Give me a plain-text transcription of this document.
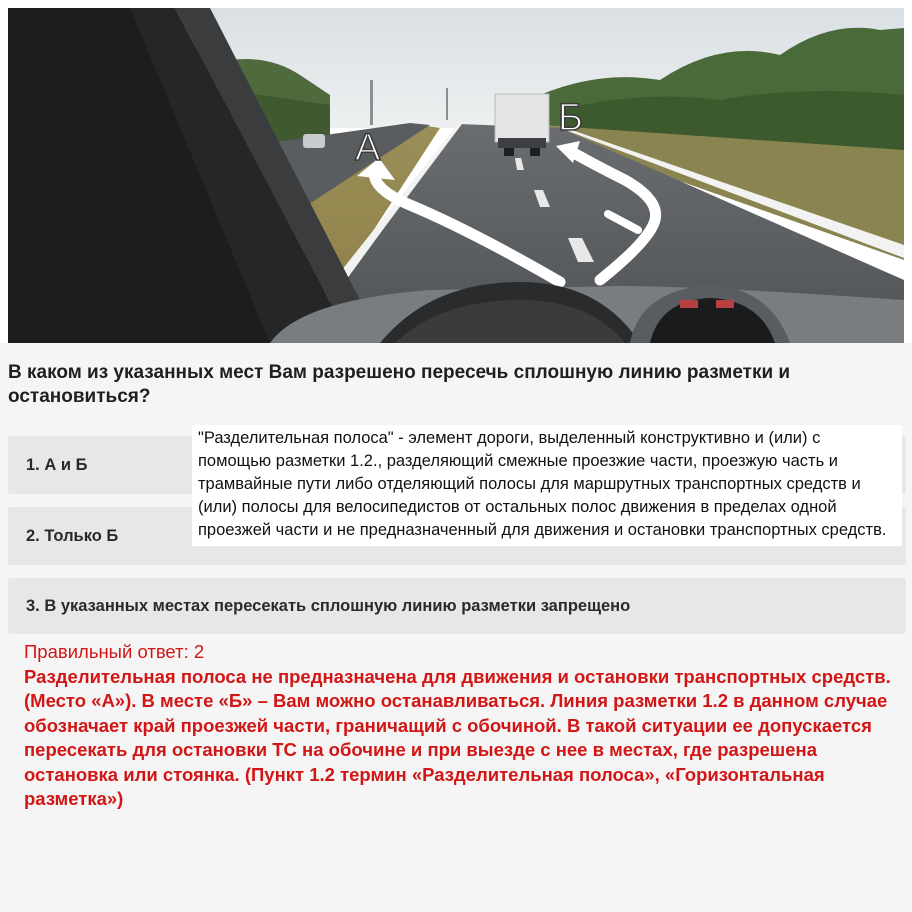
А
Б
В каком из указанных мест Вам разрешено пересечь сплошную линию разметки и остановиться?
1.
А и Б
2.
Только Б
3.
В указанных местах пересекать сплошную линию разметки запрещено
"Разделительная полоса" - элемент дороги, выделенный конструктивно и (или) с помощью разметки 1.2., разделяющий смежные проезжие части, проезжую часть и трамвайные пути либо отделяющий полосы для маршрутных транспортных средств и (или) полосы для велосипедистов от остальных полос движения в пределах одной проезжей части и не предназначенный для движения и остановки транспортных средств.
Правильный ответ: 2
Разделительная полоса не предназначена для движения и остановки транспортных средств. (Место «А»). В месте «Б» – Вам можно останавливаться. Линия разметки 1.2 в данном случае обозначает край проезжей части, граничащий с обочиной. В такой ситуации ее допускается пересекать для остановки ТС на обочине и при выезде с нее в местах, где разрешена остановка или стоянка. (Пункт 1.2 термин «Разделительная полоса», «Горизонтальная разметка»)
